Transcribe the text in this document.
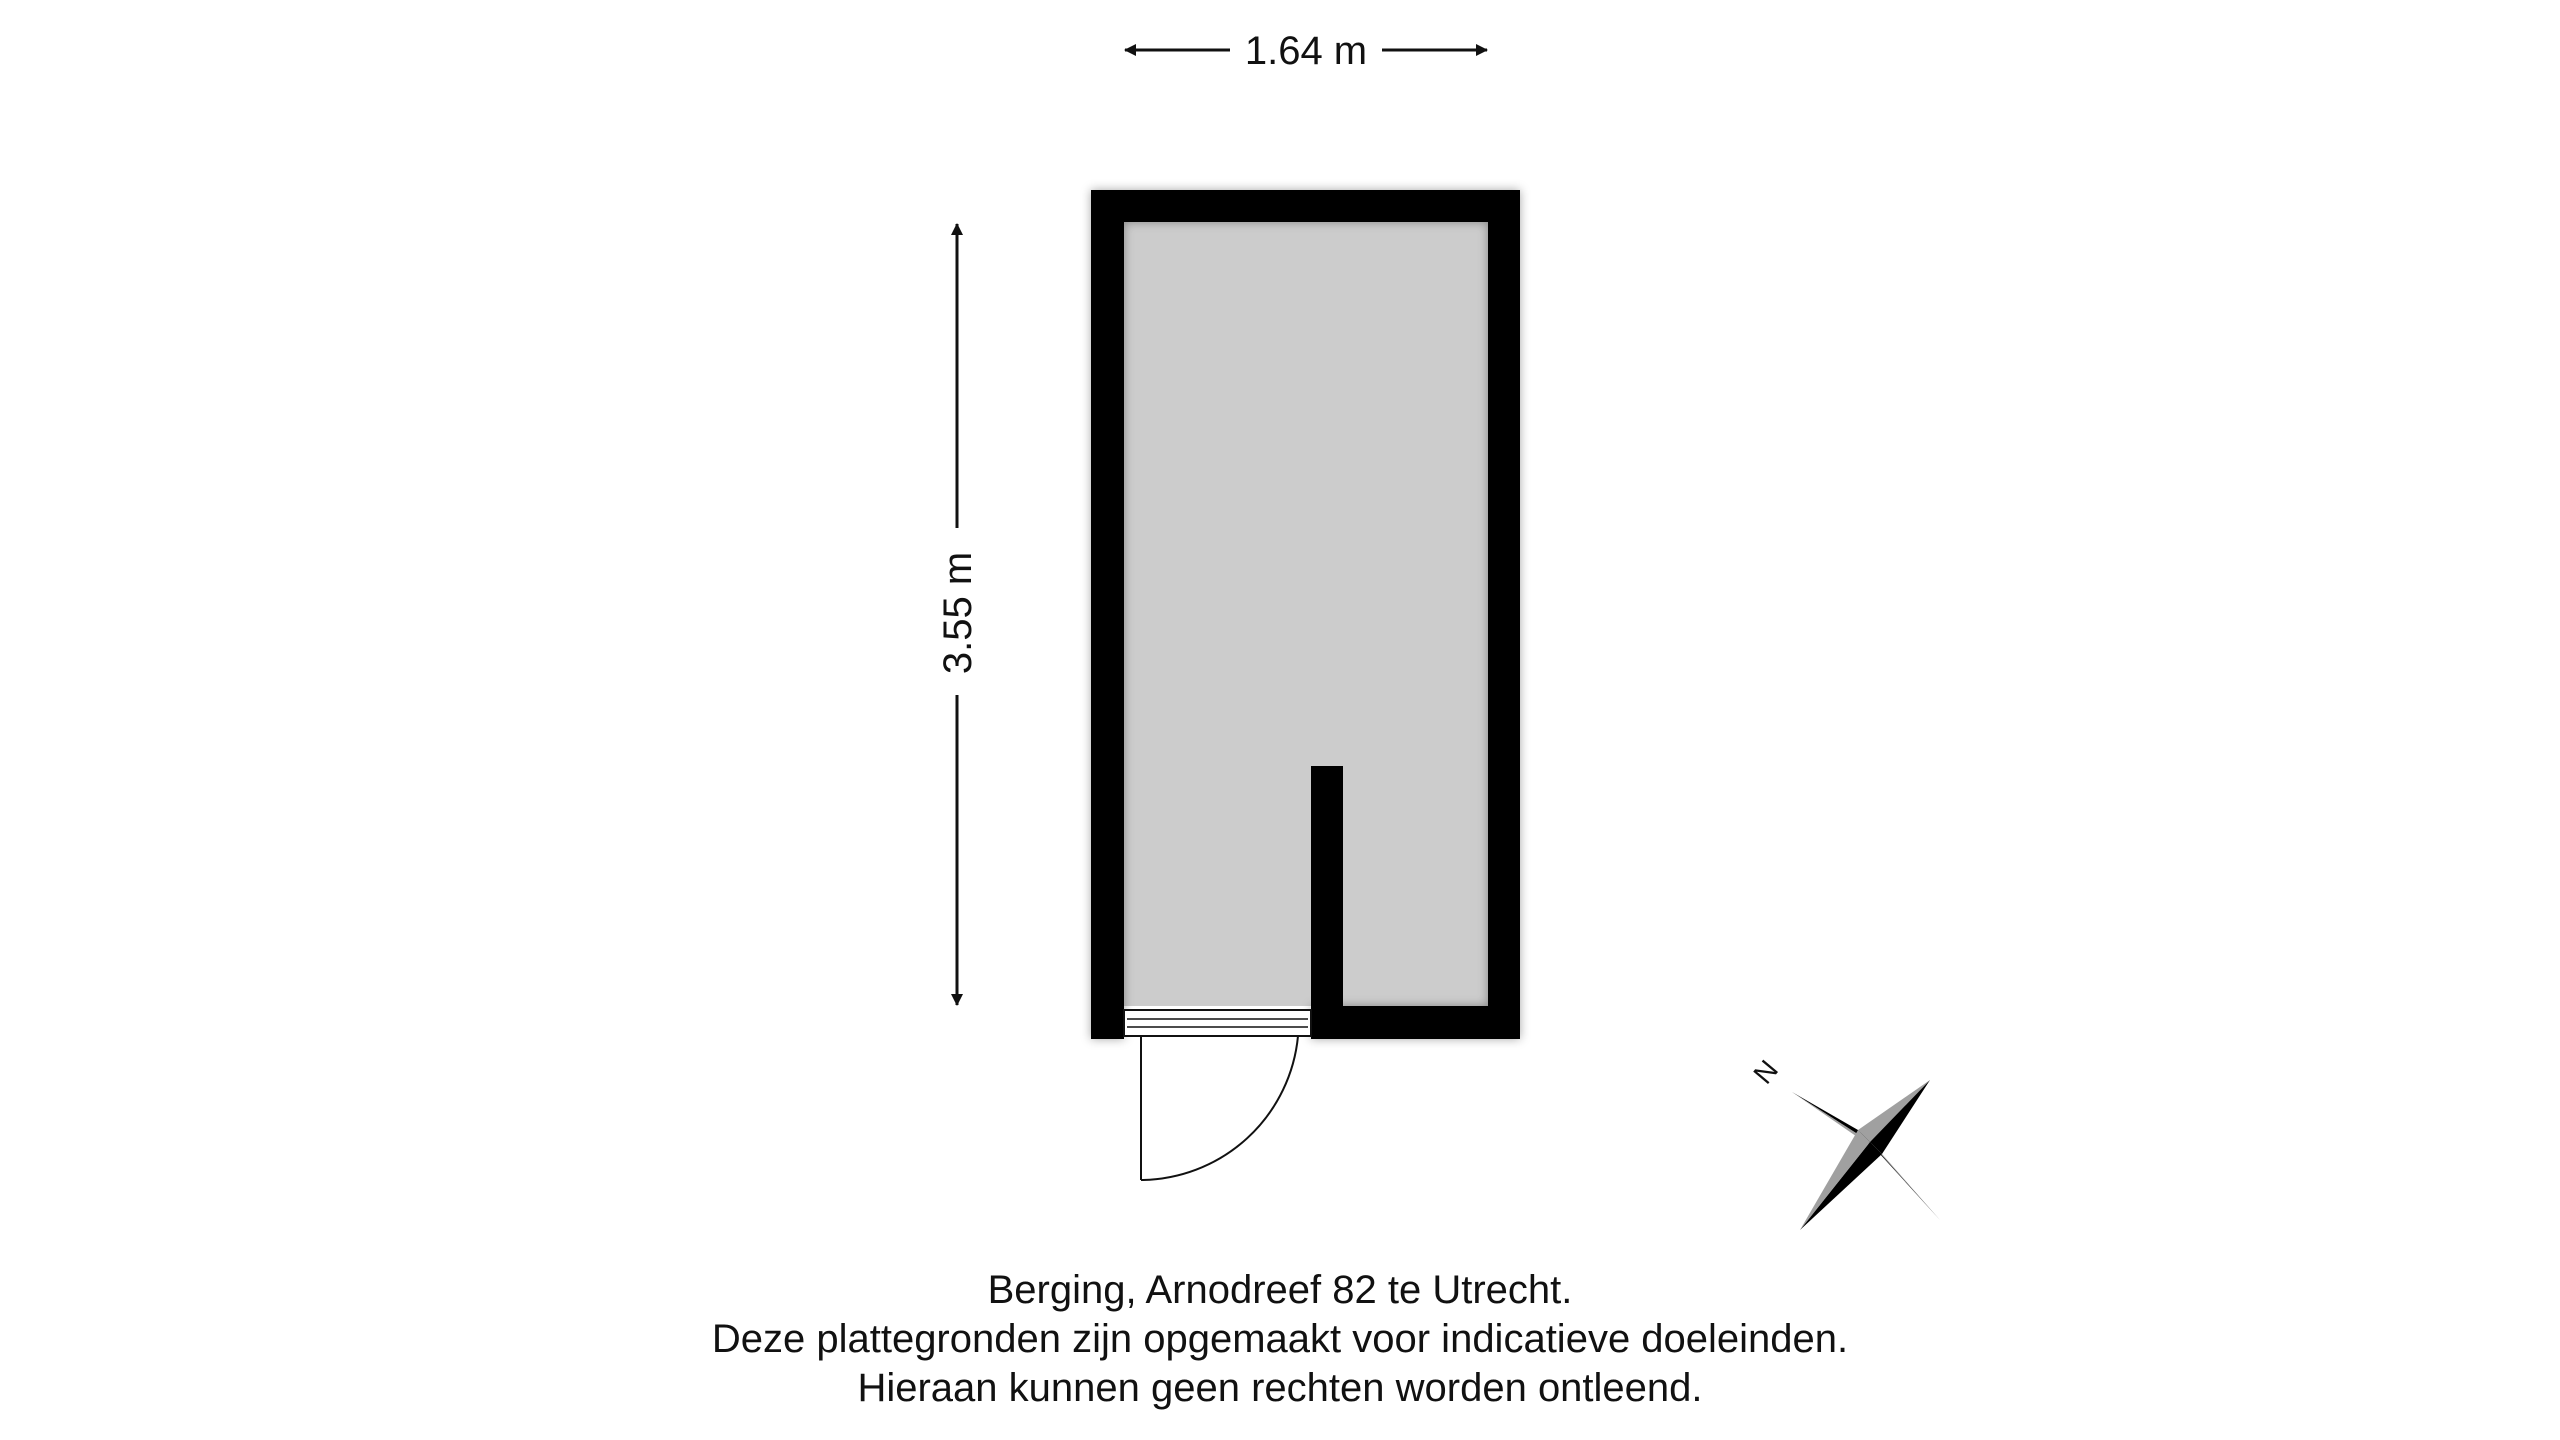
1.64 m
3.55 m
N
Berging, Arnodreef 82 te Utrecht.
Deze plattegronden zijn opgemaakt voor indicatieve doeleinden.
Hieraan kunnen geen rechten worden ontleend.
